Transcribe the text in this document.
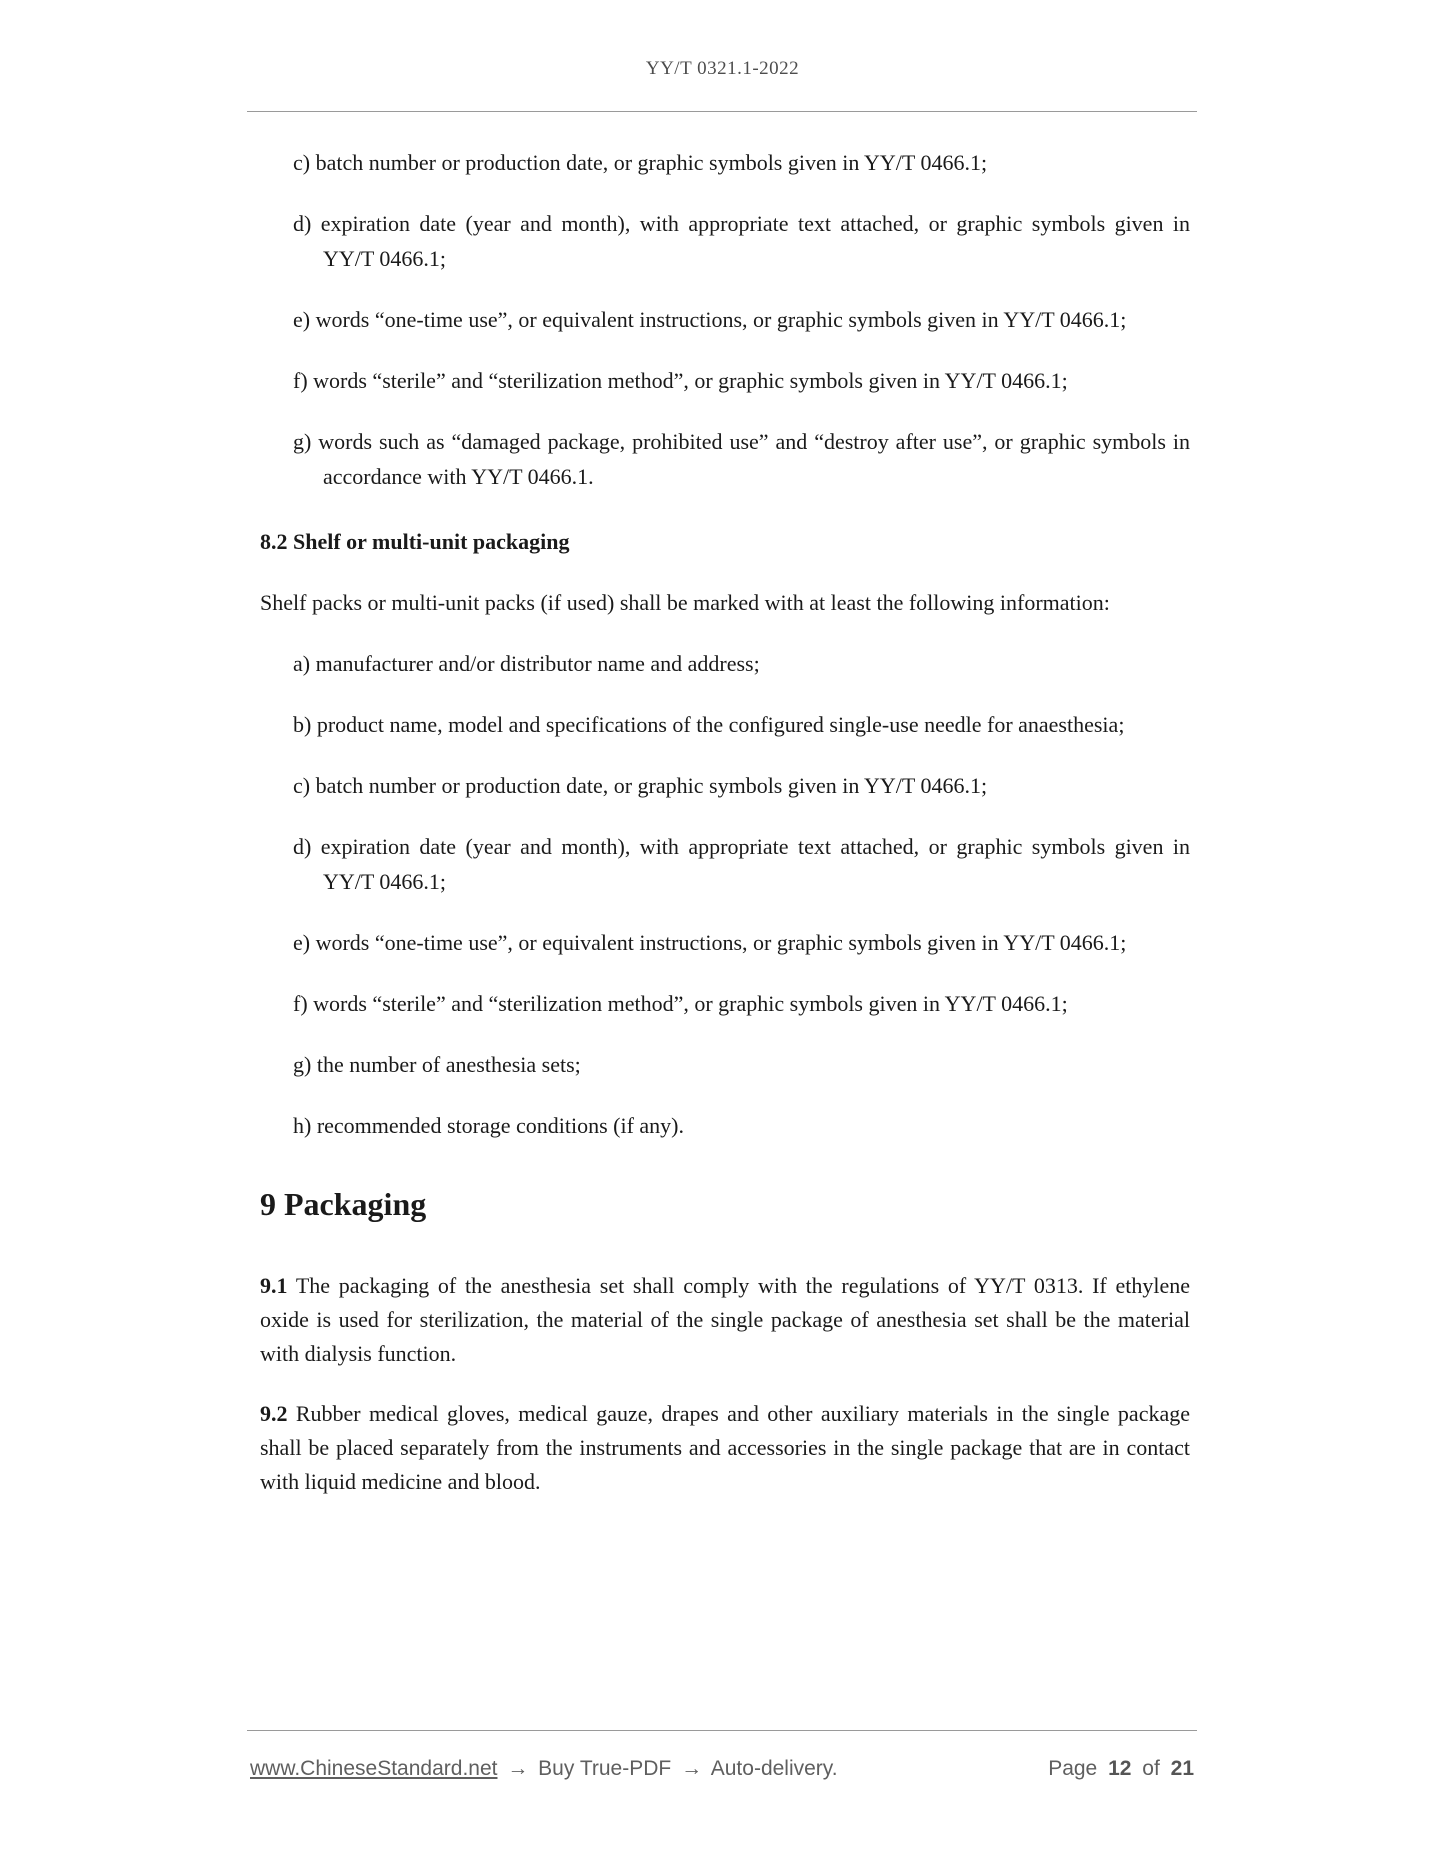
YY/T 0321.1-2022

c) batch number or production date, or graphic symbols given in YY/T 0466.1;

d) expiration date (year and month), with appropriate text attached, or graphic symbols given in YY/T 0466.1;

e) words “one-time use”, or equivalent instructions, or graphic symbols given in YY/T 0466.1;

f) words “sterile” and “sterilization method”, or graphic symbols given in YY/T 0466.1;

g) words such as “damaged package, prohibited use” and “destroy after use”, or graphic symbols in accordance with YY/T 0466.1.

8.2 Shelf or multi-unit packaging

Shelf packs or multi-unit packs (if used) shall be marked with at least the following information:

a) manufacturer and/or distributor name and address;

b) product name, model and specifications of the configured single-use needle for anaesthesia;

c) batch number or production date, or graphic symbols given in YY/T 0466.1;

d) expiration date (year and month), with appropriate text attached, or graphic symbols given in YY/T 0466.1;

e) words “one-time use”, or equivalent instructions, or graphic symbols given in YY/T 0466.1;

f) words “sterile” and “sterilization method”, or graphic symbols given in YY/T 0466.1;

g) the number of anesthesia sets;

h) recommended storage conditions (if any).

9 Packaging

9.1 The packaging of the anesthesia set shall comply with the regulations of YY/T 0313. If ethylene oxide is used for sterilization, the material of the single package of anesthesia set shall be the material with dialysis function.

9.2 Rubber medical gloves, medical gauze, drapes and other auxiliary materials in the single package shall be placed separately from the instruments and accessories in the single package that are in contact with liquid medicine and blood.

www.ChineseStandard.net → Buy True-PDF → Auto-delivery.	Page 12 of 21
